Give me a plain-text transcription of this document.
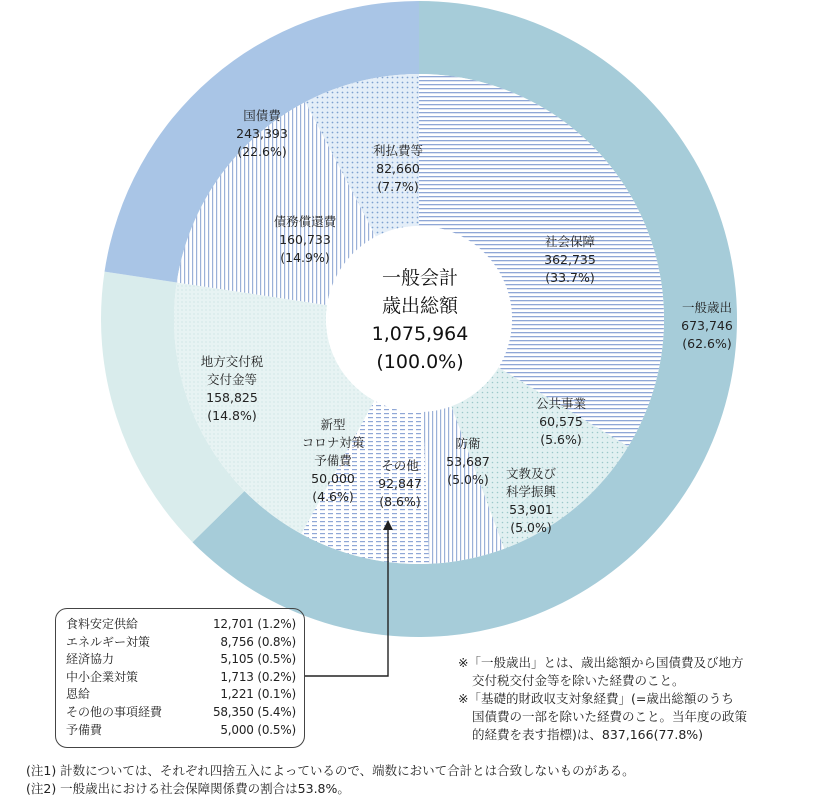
一般歳出
673,746
(62.6%)
地方交付税
交付金等
158,825
(14.8%)
国債費
243,393
(22.6%)
社会保障
362,735
(33.7%)
公共事業
60,575
(5.6%)
文教及び
科学振興
53,901
(5.0%)
防衛
53,687
(5.0%)
その他
92,847
(8.6%)
新型
コロナ対策
予備費
50,000
(4.6%)
債務償還費
160,733
(14.9%)
利払費等
82,660
(7.7%)
一般会計
歳出総額
1,075,964
(100.0%)
食料安定供給	12,701 (1.2%)
エネルギー対策	8,756 (0.8%)
経済協力	5,105 (0.5%)
中小企業対策	1,713 (0.2%)
恩給	1,221 (0.1%)
その他の事項経費	58,350 (5.4%)
予備費	5,000 (0.5%)
※「一般歳出」とは、歳出総額から国債費及び地方
交付税交付金等を除いた経費のこと。
※「基礎的財政収支対象経費」(=歳出総額のうち
国債費の一部を除いた経費のこと。当年度の政策
的経費を表す指標)は、837,166(77.8%)
(注1) 計数については、それぞれ四捨五入によっているので、端数において合計とは合致しないものがある。
(注2) 一般歳出における社会保障関係費の割合は53.8%。
